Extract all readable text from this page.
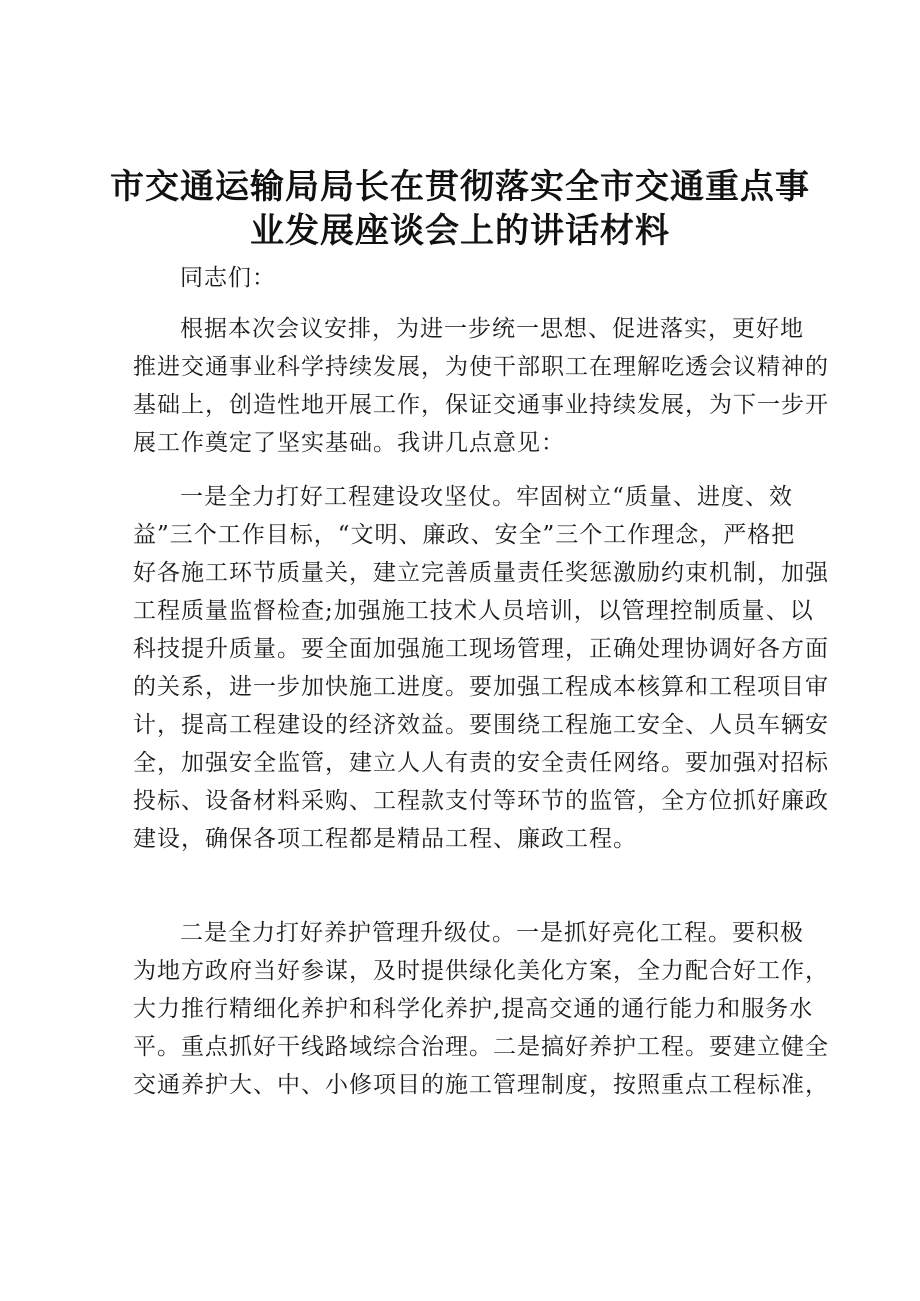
市交通运输局局长在贯彻落实全市交通重点事
业发展座谈会上的讲话材料
同志们：
根据本次会议安排，为进一步统一思想、促进落实，更好地
推进交通事业科学持续发展，为使干部职工在理解吃透会议精神的
基础上，创造性地开展工作，保证交通事业持续发展，为下一步开
展工作奠定了坚实基础。我讲几点意见：
一是全力打好工程建设攻坚仗。牢固树立“质量、进度、效
益”三个工作目标，“文明、廉政、安全”三个工作理念，严格把
好各施工环节质量关，建立完善质量责任奖惩激励约束机制，加强
工程质量监督检查;加强施工技术人员培训，以管理控制质量、以
科技提升质量。要全面加强施工现场管理，正确处理协调好各方面
的关系，进一步加快施工进度。要加强工程成本核算和工程项目审
计，提高工程建设的经济效益。要围绕工程施工安全、人员车辆安
全，加强安全监管，建立人人有责的安全责任网络。要加强对招标
投标、设备材料采购、工程款支付等环节的监管，全方位抓好廉政
建设，确保各项工程都是精品工程、廉政工程。
二是全力打好养护管理升级仗。一是抓好亮化工程。要积极
为地方政府当好参谋，及时提供绿化美化方案，全力配合好工作，
大力推行精细化养护和科学化养护,提高交通的通行能力和服务水
平。重点抓好干线路域综合治理。二是搞好养护工程。要建立健全
交通养护大、中、小修项目的施工管理制度，按照重点工程标准，
